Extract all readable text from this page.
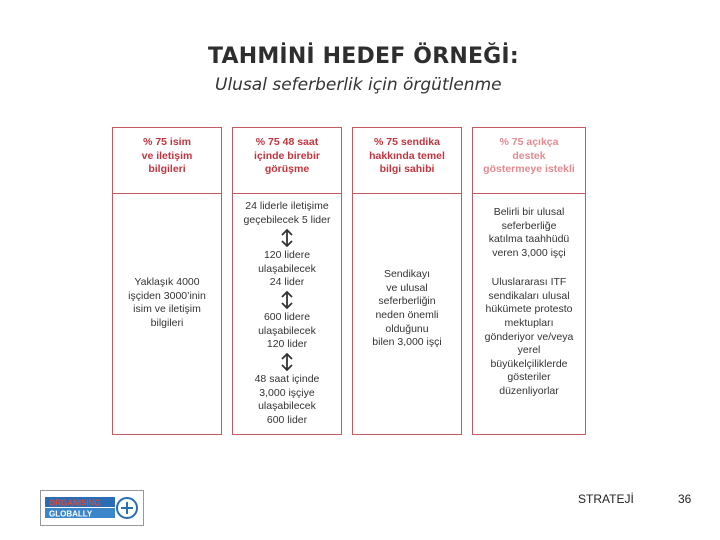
TAHMİNİ HEDEF ÖRNEĞİ:
Ulusal seferberlik için örgütlenme
% 75 isim
ve iletişim
bilgileri
Yaklaşık 4000
işçiden 3000’inin
isim ve iletişim
bilgileri
% 75 48 saat
içinde birebir
görüşme
24 liderle iletişime
geçebilecek 5 lider
120 lidere
ulaşabilecek
24 lider
600 lidere
ulaşabilecek
120 lider
48 saat içinde
3,000 işçiye
ulaşabilecek
600 lider
% 75 sendika
hakkında temel
bilgi sahibi
Sendikayı
ve ulusal
seferberliğin
neden önemli
olduğunu
bilen 3,000 işçi
% 75 açıkça
destek
göstermeye istekli
Belirli bir ulusal
seferberliğe
katılma taahhüdü
veren 3,000 işçi
Uluslararası ITF
sendikaları ulusal
hükümete protesto
mektupları
gönderiyor ve/veya
yerel
büyükelçiliklerde
gösteriler
düzenliyorlar
ORGANISING
GLOBALLY
STRATEJİ	36
